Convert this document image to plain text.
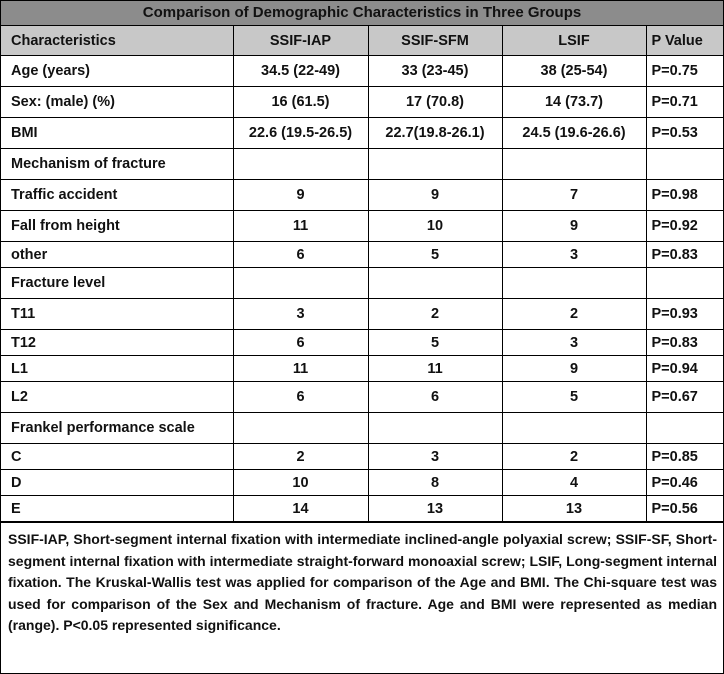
Comparison of Demographic Characteristics in Three Groups
Characteristics	SSIF-IAP	SSIF-SFM	LSIF	P Value
Age (years)	34.5 (22-49)	33 (23-45)	38 (25-54)	P=0.75
Sex: (male) (%)	16 (61.5)	17 (70.8)	14 (73.7)	P=0.71
BMI	22.6 (19.5-26.5)	22.7(19.8-26.1)	24.5 (19.6-26.6)	P=0.53
Mechanism of fracture				
Traffic accident	9	9	7	P=0.98
Fall from height	11	10	9	P=0.92
other	6	5	3	P=0.83
Fracture level				
T11	3	2	2	P=0.93
T12	6	5	3	P=0.83
L1	11	11	9	P=0.94
L2	6	6	5	P=0.67
Frankel performance scale				
C	2	3	2	P=0.85
D	10	8	4	P=0.46
E	14	13	13	P=0.56
SSIF-IAP, Short-segment internal fixation with intermediate inclined-angle polyaxial screw; SSIF-SF, Short-segment internal fixation with intermediate straight-forward monoaxial screw; LSIF, Long-segment internal fixation. The Kruskal-Wallis test was applied for comparison of the Age and BMI. The Chi-square test was used for comparison of the Sex and Mechanism of fracture. Age and BMI were represented as median (range). P<0.05 represented significance.
